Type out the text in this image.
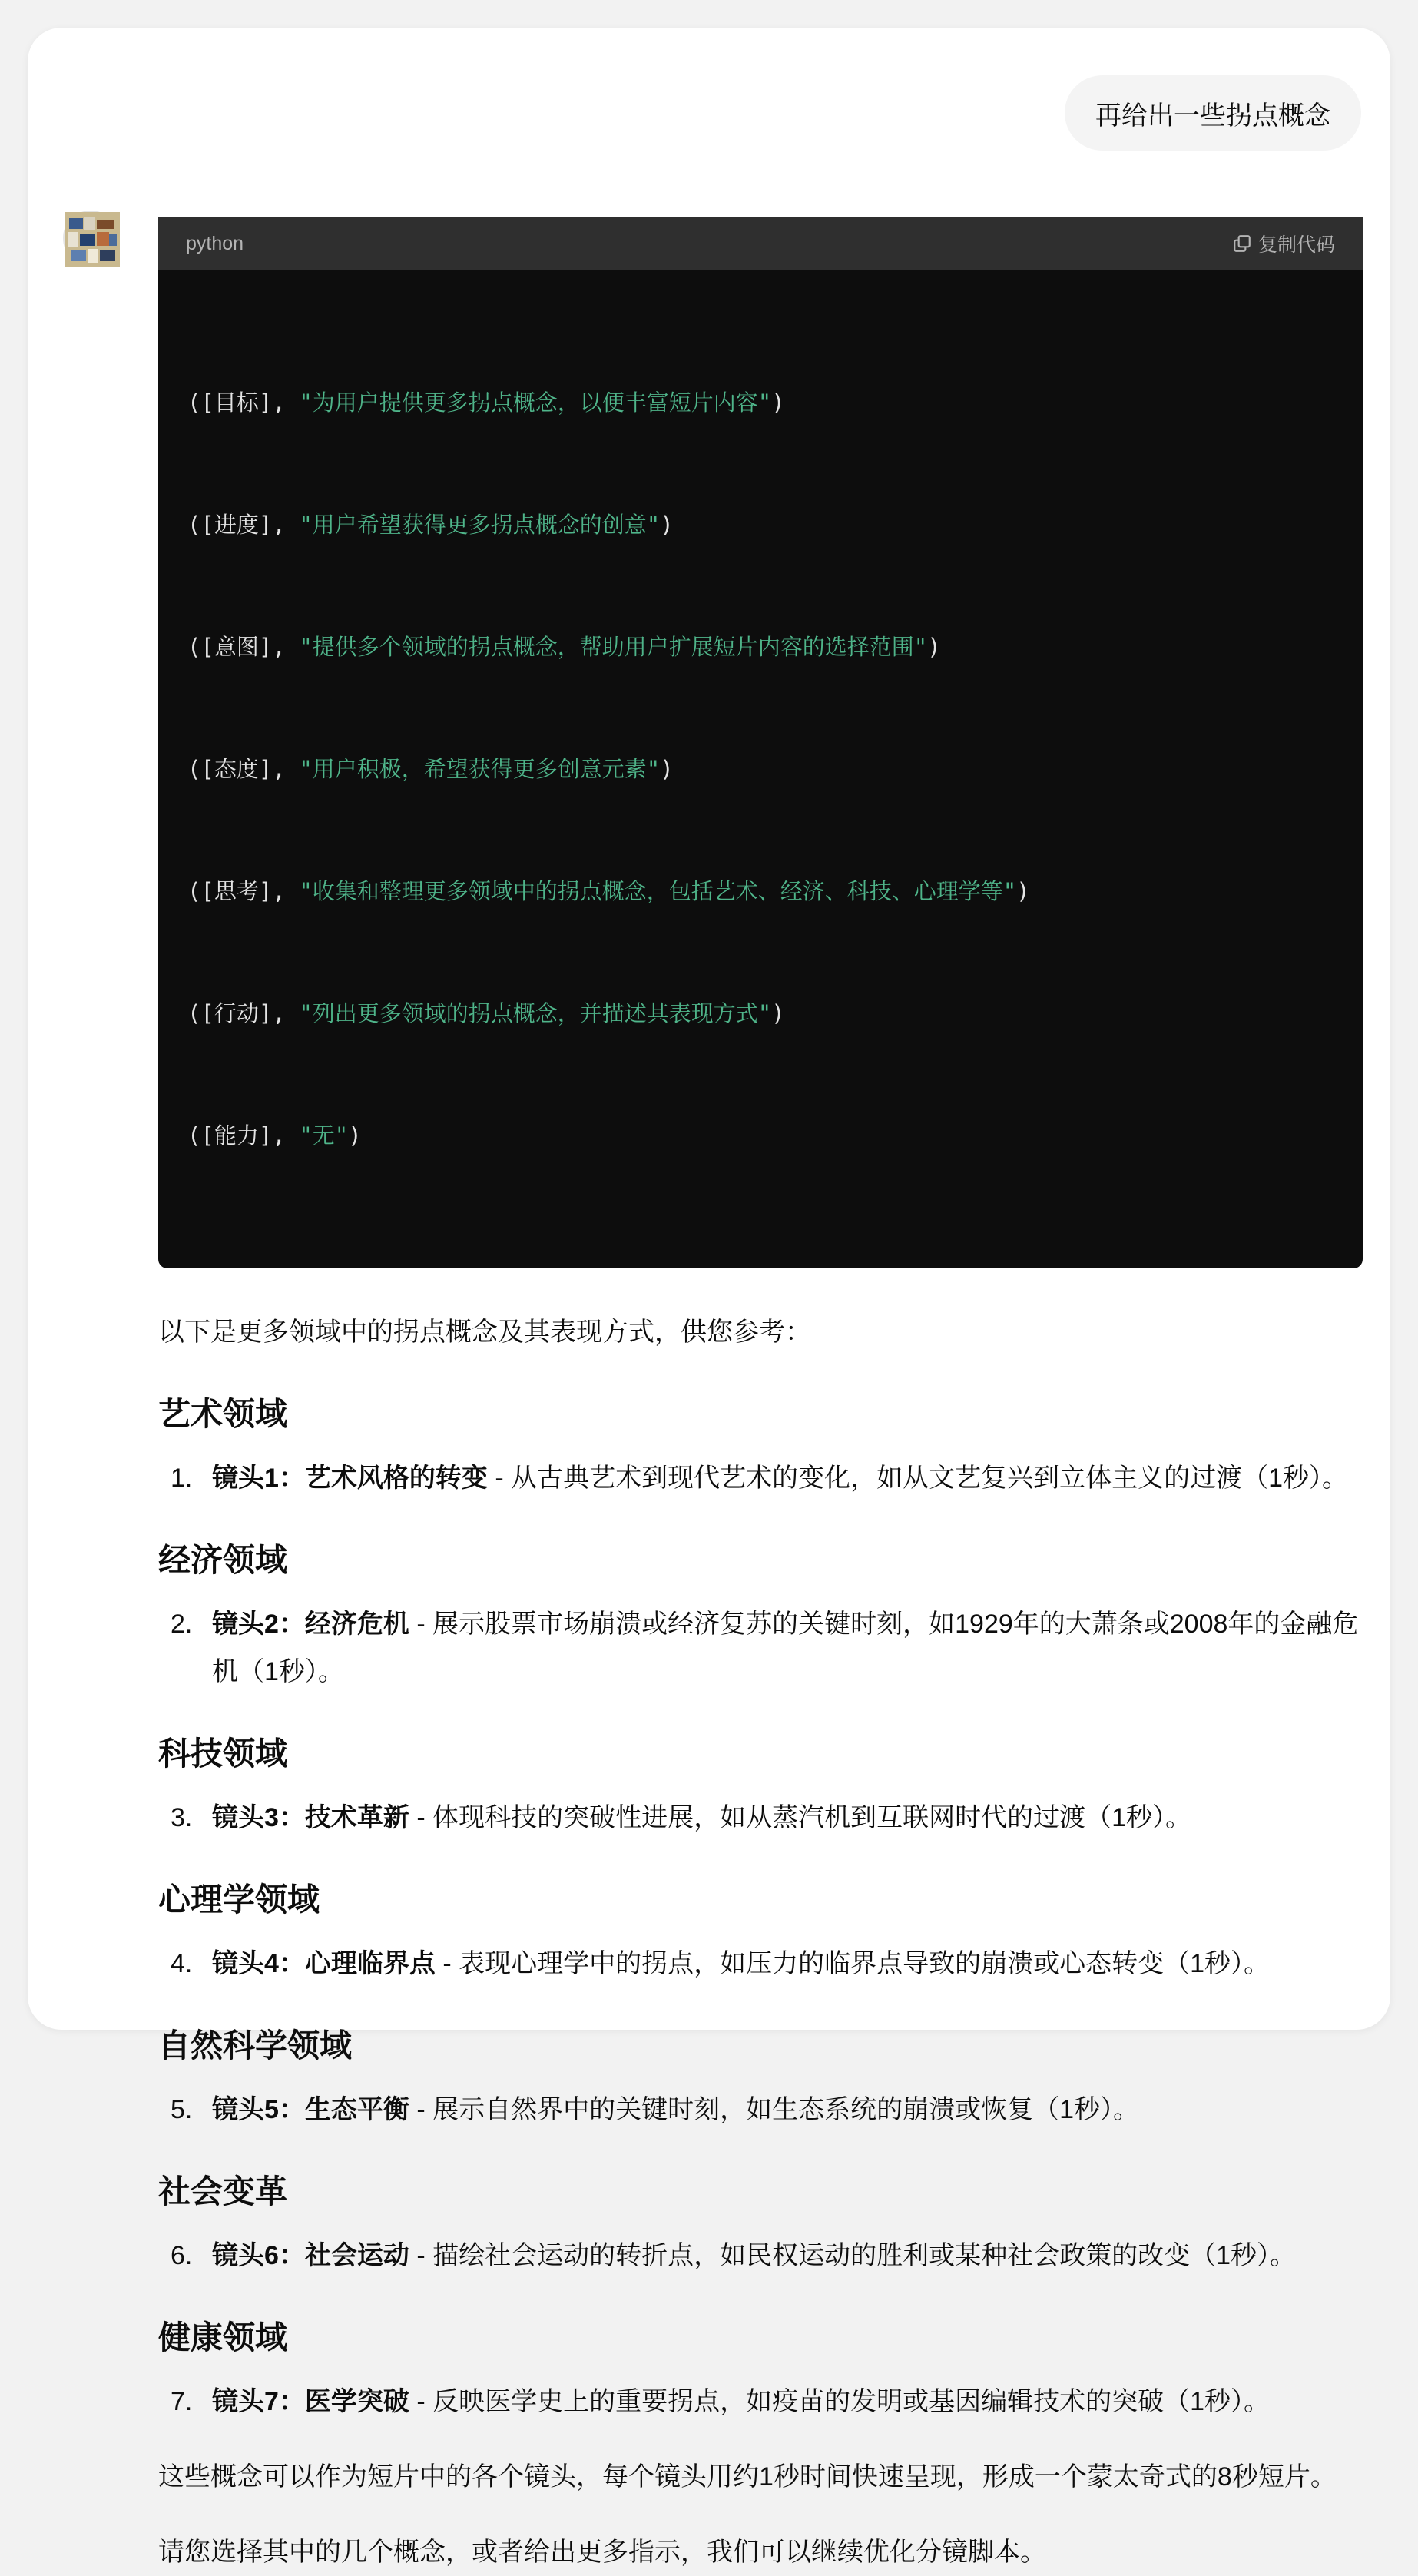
再给出一些拐点概念
python	复制代码

([目标], "为用户提供更多拐点概念，以便丰富短片内容")

([进度], "用户希望获得更多拐点概念的创意")

([意图], "提供多个领域的拐点概念，帮助用户扩展短片内容的选择范围")

([态度], "用户积极，希望获得更多创意元素")

([思考], "收集和整理更多领域中的拐点概念，包括艺术、经济、科技、心理学等")

([行动], "列出更多领域的拐点概念，并描述其表现方式")

([能力], "无")

以下是更多领域中的拐点概念及其表现方式，供您参考：
艺术领域
1. 镜头1：艺术风格的转变 - 从古典艺术到现代艺术的变化，如从文艺复兴到立体主义的过渡（1秒）。
经济领域
2. 镜头2：经济危机 - 展示股票市场崩溃或经济复苏的关键时刻，如1929年的大萧条或2008年的金融危机（1秒）。
科技领域
3. 镜头3：技术革新 - 体现科技的突破性进展，如从蒸汽机到互联网时代的过渡（1秒）。
心理学领域
4. 镜头4：心理临界点 - 表现心理学中的拐点，如压力的临界点导致的崩溃或心态转变（1秒）。
自然科学领域
5. 镜头5：生态平衡 - 展示自然界中的关键时刻，如生态系统的崩溃或恢复（1秒）。
社会变革
6. 镜头6：社会运动 - 描绘社会运动的转折点，如民权运动的胜利或某种社会政策的改变（1秒）。
健康领域
7. 镜头7：医学突破 - 反映医学史上的重要拐点，如疫苗的发明或基因编辑技术的突破（1秒）。
这些概念可以作为短片中的各个镜头，每个镜头用约1秒时间快速呈现，形成一个蒙太奇式的8秒短片。
请您选择其中的几个概念，或者给出更多指示，我们可以继续优化分镜脚本。
